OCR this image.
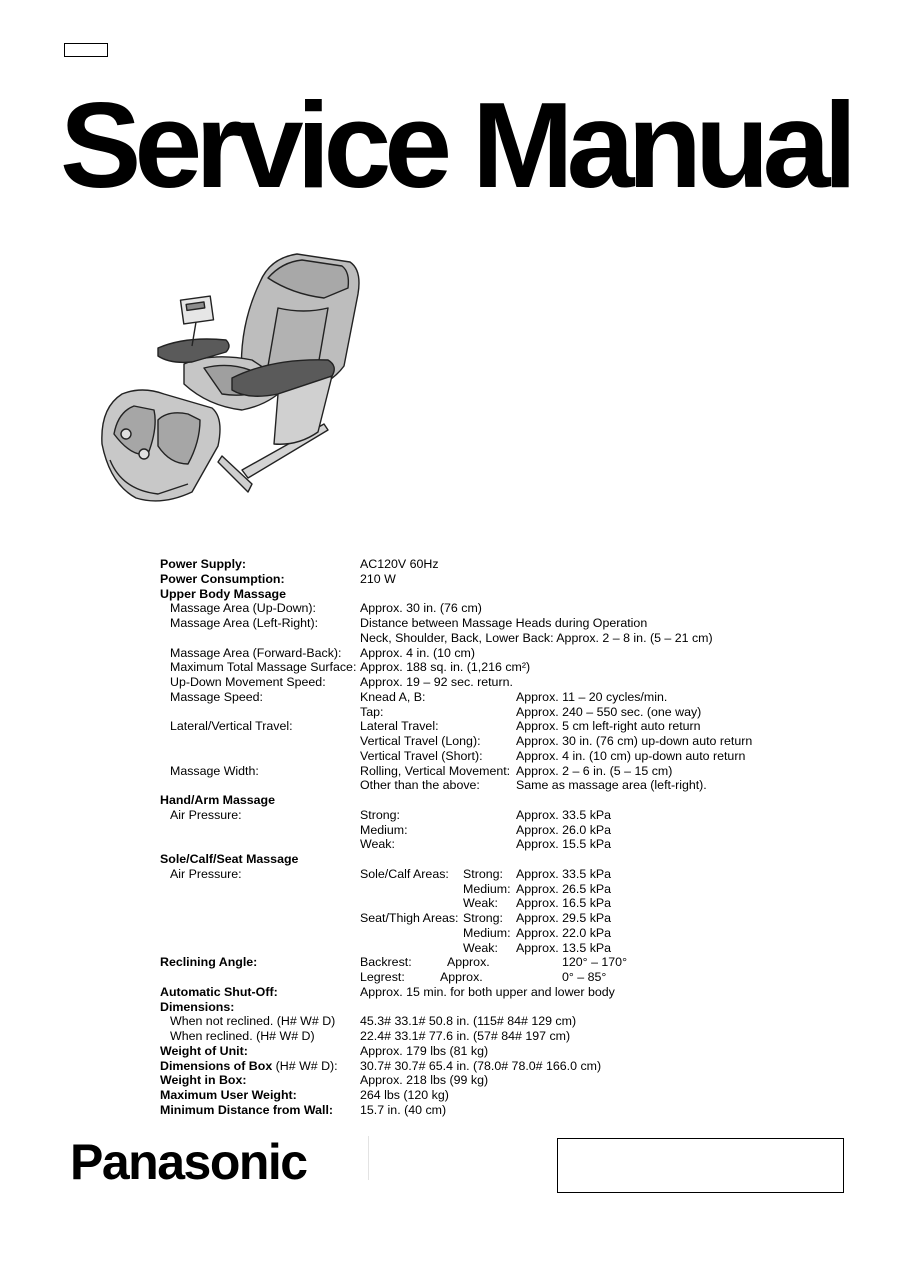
Service Manual
Power Supply:	AC120V 60Hz
Power Consumption:	210 W
Upper Body Massage
Massage Area (Up-Down):	Approx. 30 in. (76 cm)
Massage Area (Left-Right):	Distance between Massage Heads during Operation
Neck, Shoulder, Back, Lower Back: Approx. 2 – 8 in. (5 – 21 cm)
Massage Area (Forward-Back): Approx. 4 in. (10 cm)
Maximum Total Massage Surface: Approx. 188 sq. in. (1,216 cm²)
Up-Down Movement Speed:	Approx. 19 – 92 sec. return.
Massage Speed:	Knead A, B:	Approx. 11 – 20 cycles/min.
Tap:	Approx. 240 – 550 sec. (one way)
Lateral/Vertical Travel:	Lateral Travel:	Approx. 5 cm left-right auto return
Vertical Travel (Long):	Approx. 30 in. (76 cm) up-down auto return
Vertical Travel (Short):	Approx. 4 in. (10 cm) up-down auto return
Massage Width:	Rolling, Vertical Movement: Approx. 2 – 6 in. (5 – 15 cm)
Other than the above:	Same as massage area (left-right).
Hand/Arm Massage
Air Pressure:	Strong:	Approx. 33.5 kPa
Medium:	Approx. 26.0 kPa
Weak:	Approx. 15.5 kPa
Sole/Calf/Seat Massage
Air Pressure:	Sole/Calf Areas: Strong: Approx. 33.5 kPa
Medium: Approx. 26.5 kPa
Weak: Approx. 16.5 kPa
Seat/Thigh Areas: Strong: Approx. 29.5 kPa
Medium: Approx. 22.0 kPa
Weak: Approx. 13.5 kPa
Reclining Angle:	Backrest:	Approx.	120° – 170°
Legrest:	Approx.	0° – 85°
Automatic Shut-Off:	Approx. 15 min. for both upper and lower body
Dimensions:
When not reclined. (H# W# D) 45.3# 33.1# 50.8 in. (115# 84# 129 cm)
When reclined. (H# W# D)	22.4# 33.1# 77.6 in. (57# 84# 197 cm)
Weight of Unit:	Approx. 179 lbs (81 kg)
Dimensions of Box (H# W# D): 30.7# 30.7# 65.4 in. (78.0# 78.0# 166.0 cm)
Weight in Box:	Approx. 218 lbs (99 kg)
Maximum User Weight:	264 lbs (120 kg)
Minimum Distance from Wall: 15.7 in. (40 cm)
Panasonic
